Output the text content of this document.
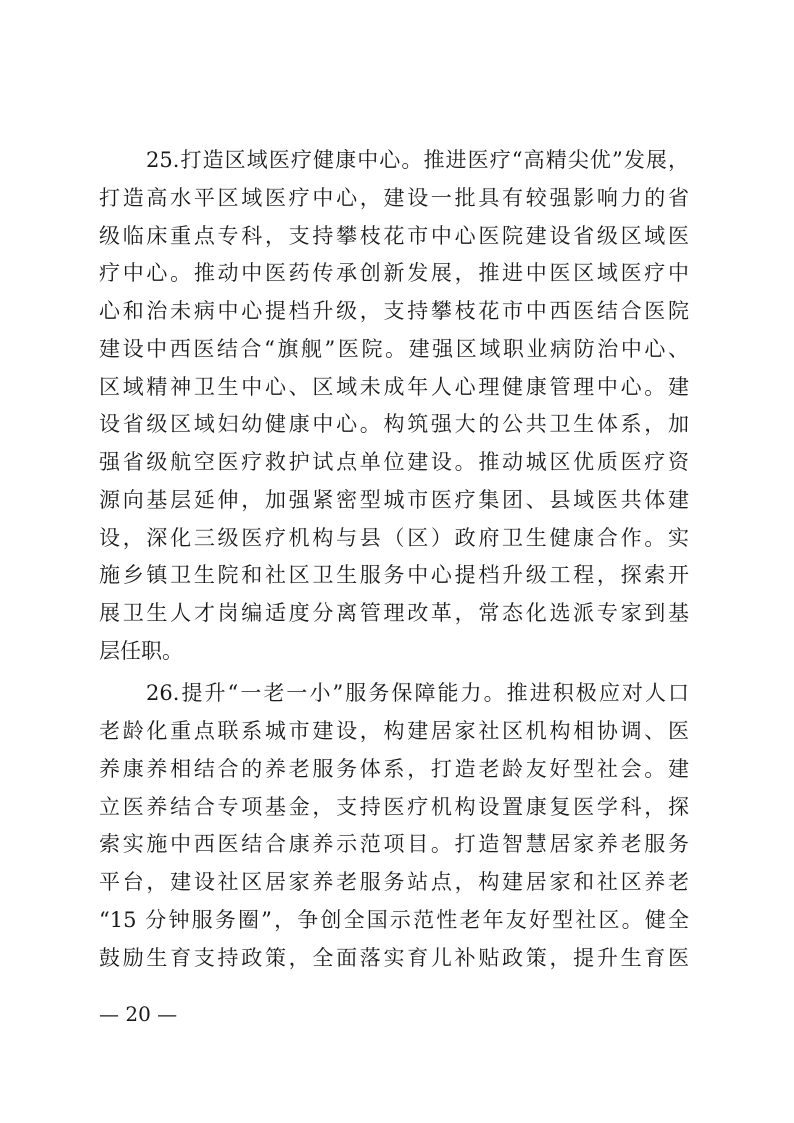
25.打造区域医疗健康中心。推进医疗“高精尖优”发展，
打造高水平区域医疗中心，建设一批具有较强影响力的省
级临床重点专科，支持攀枝花市中心医院建设省级区域医
疗中心。推动中医药传承创新发展，推进中医区域医疗中
心和治未病中心提档升级，支持攀枝花市中西医结合医院
建设中西医结合“旗舰”医院。建强区域职业病防治中心、
区域精神卫生中心、区域未成年人心理健康管理中心。建
设省级区域妇幼健康中心。构筑强大的公共卫生体系，加
强省级航空医疗救护试点单位建设。推动城区优质医疗资
源向基层延伸，加强紧密型城市医疗集团、县域医共体建
设，深化三级医疗机构与县（区）政府卫生健康合作。实
施乡镇卫生院和社区卫生服务中心提档升级工程，探索开
展卫生人才岗编适度分离管理改革，常态化选派专家到基
层任职。
26.提升“一老一小”服务保障能力。推进积极应对人口
老龄化重点联系城市建设，构建居家社区机构相协调、医
养康养相结合的养老服务体系，打造老龄友好型社会。建
立医养结合专项基金，支持医疗机构设置康复医学科，探
索实施中西医结合康养示范项目。打造智慧居家养老服务
平台，建设社区居家养老服务站点，构建居家和社区养老
“15 分钟服务圈”，争创全国示范性老年友好型社区。健全
鼓励生育支持政策，全面落实育儿补贴政策，提升生育医
— 20 —
